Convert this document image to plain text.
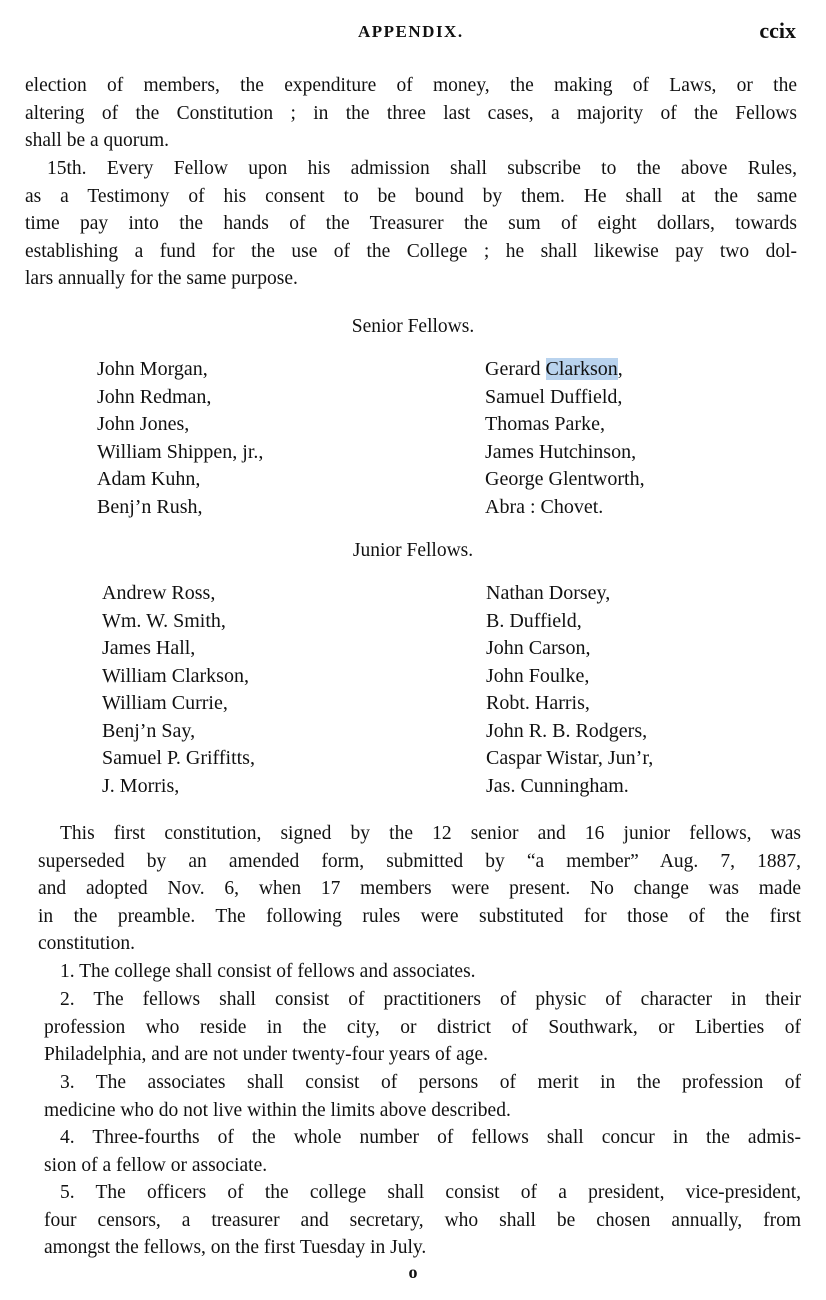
APPENDIX.	ccix
election of members, the expenditure of money, the making of Laws, or the
altering of the Constitution ; in the three last cases, a majority of the Fellows
shall be a quorum.
15th. Every Fellow upon his admission shall subscribe to the above Rules,
as a Testimony of his consent to be bound by them. He shall at the same
time pay into the hands of the Treasurer the sum of eight dollars, towards
establishing a fund for the use of the College ; he shall likewise pay two dol-
lars annually for the same purpose.
Senior Fellows.
John Morgan,
John Redman,
John Jones,
William Shippen, jr.,
Adam Kuhn,
Benj’n Rush,
Gerard Clarkson,
Samuel Duffield,
Thomas Parke,
James Hutchinson,
George Glentworth,
Abra : Chovet.
Junior Fellows.
Andrew Ross,
Wm. W. Smith,
James Hall,
William Clarkson,
William Currie,
Benj’n Say,
Samuel P. Griffitts,
J. Morris,
Nathan Dorsey,
B. Duffield,
John Carson,
John Foulke,
Robt. Harris,
John R. B. Rodgers,
Caspar Wistar, Jun’r,
Jas. Cunningham.
This first constitution, signed by the 12 senior and 16 junior fellows, was
superseded by an amended form, submitted by “a member” Aug. 7, 1887,
and adopted Nov. 6, when 17 members were present. No change was made
in the preamble. The following rules were substituted for those of the first
constitution.
1. The college shall consist of fellows and associates.
2. The fellows shall consist of practitioners of physic of character in their
profession who reside in the city, or district of Southwark, or Liberties of
Philadelphia, and are not under twenty-four years of age.
3. The associates shall consist of persons of merit in the profession of
medicine who do not live within the limits above described.
4. Three-fourths of the whole number of fellows shall concur in the admis-
sion of a fellow or associate.
5. The officers of the college shall consist of a president, vice-president,
four censors, a treasurer and secretary, who shall be chosen annually, from
amongst the fellows, on the first Tuesday in July.
o
